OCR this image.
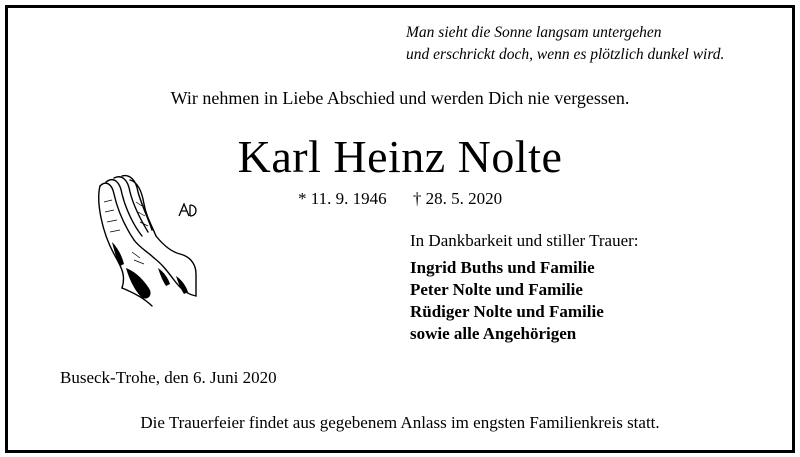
Man sieht die Sonne langsam untergehen
und erschrickt doch, wenn es plötzlich dunkel wird.
Wir nehmen in Liebe Abschied und werden Dich nie vergessen.
Karl Heinz Nolte
* 11. 9. 1946 † 28. 5. 2020
In Dankbarkeit und stiller Trauer:
Ingrid Buths und Familie
Peter Nolte und Familie
Rüdiger Nolte und Familie
sowie alle Angehörigen
Buseck-Trohe, den 6. Juni 2020
Die Trauerfeier findet aus gegebenem Anlass im engsten Familienkreis statt.
